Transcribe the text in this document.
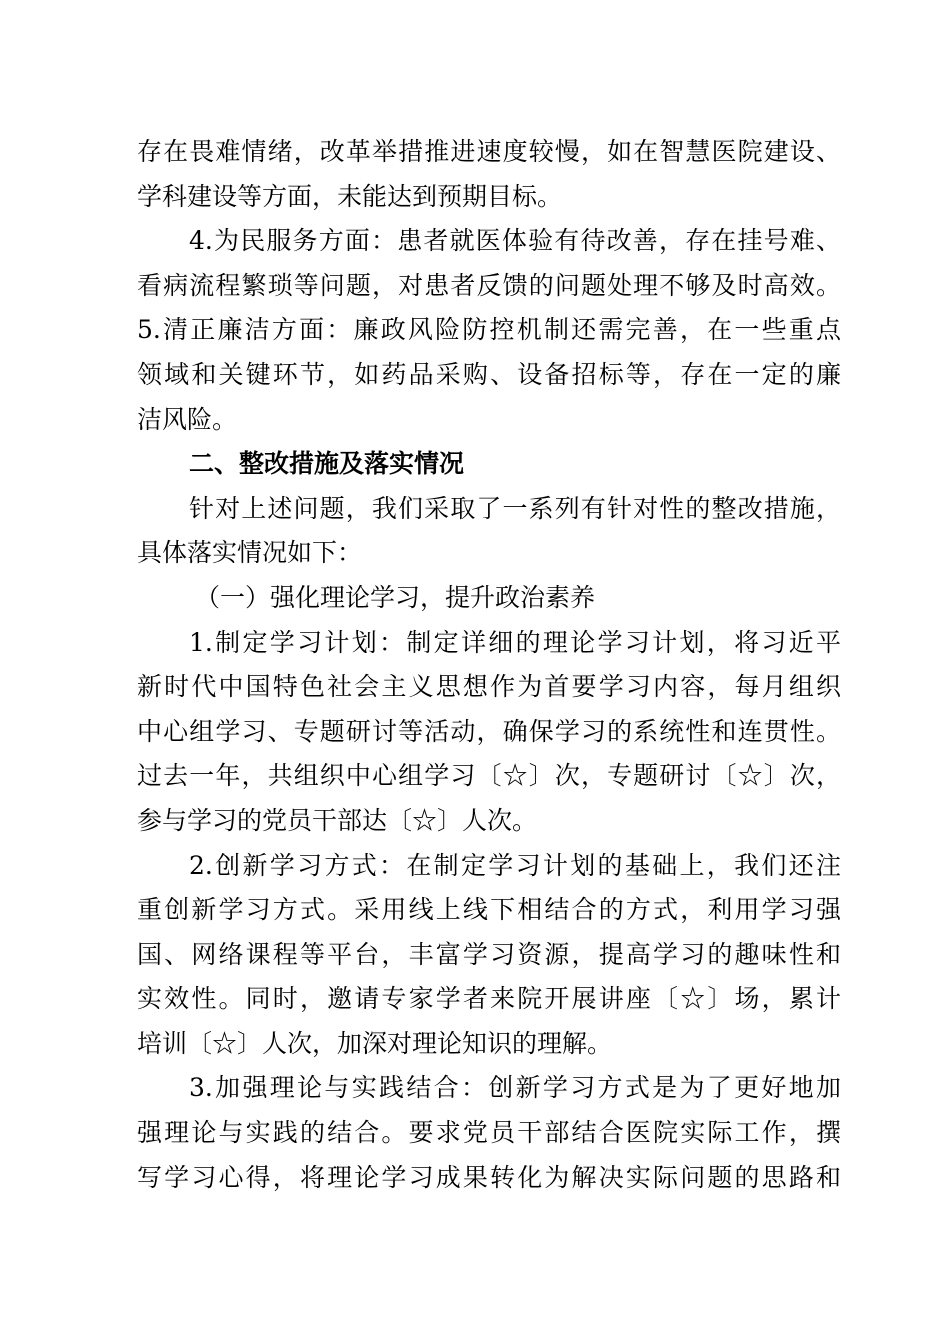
存在畏难情绪，改革举措推进速度较慢，如在智慧医院建设、
学科建设等方面，未能达到预期目标。
4.为民服务方面：患者就医体验有待改善，存在挂号难、
看病流程繁琐等问题，对患者反馈的问题处理不够及时高效。
5.清正廉洁方面：廉政风险防控机制还需完善，在一些重点
领域和关键环节，如药品采购、设备招标等，存在一定的廉
洁风险。
二、整改措施及落实情况
针对上述问题，我们采取了一系列有针对性的整改措施，
具体落实情况如下：
（一）强化理论学习，提升政治素养
1.制定学习计划：制定详细的理论学习计划，将习近平
新时代中国特色社会主义思想作为首要学习内容，每月组织
中心组学习、专题研讨等活动，确保学习的系统性和连贯性。
过去一年，共组织中心组学习〔☆〕次，专题研讨〔☆〕次，
参与学习的党员干部达〔☆〕人次。
2.创新学习方式：在制定学习计划的基础上，我们还注
重创新学习方式。采用线上线下相结合的方式，利用学习强
国、网络课程等平台，丰富学习资源，提高学习的趣味性和
实效性。同时，邀请专家学者来院开展讲座〔☆〕场，累计
培训〔☆〕人次，加深对理论知识的理解。
3.加强理论与实践结合：创新学习方式是为了更好地加
强理论与实践的结合。要求党员干部结合医院实际工作，撰
写学习心得，将理论学习成果转化为解决实际问题的思路和
